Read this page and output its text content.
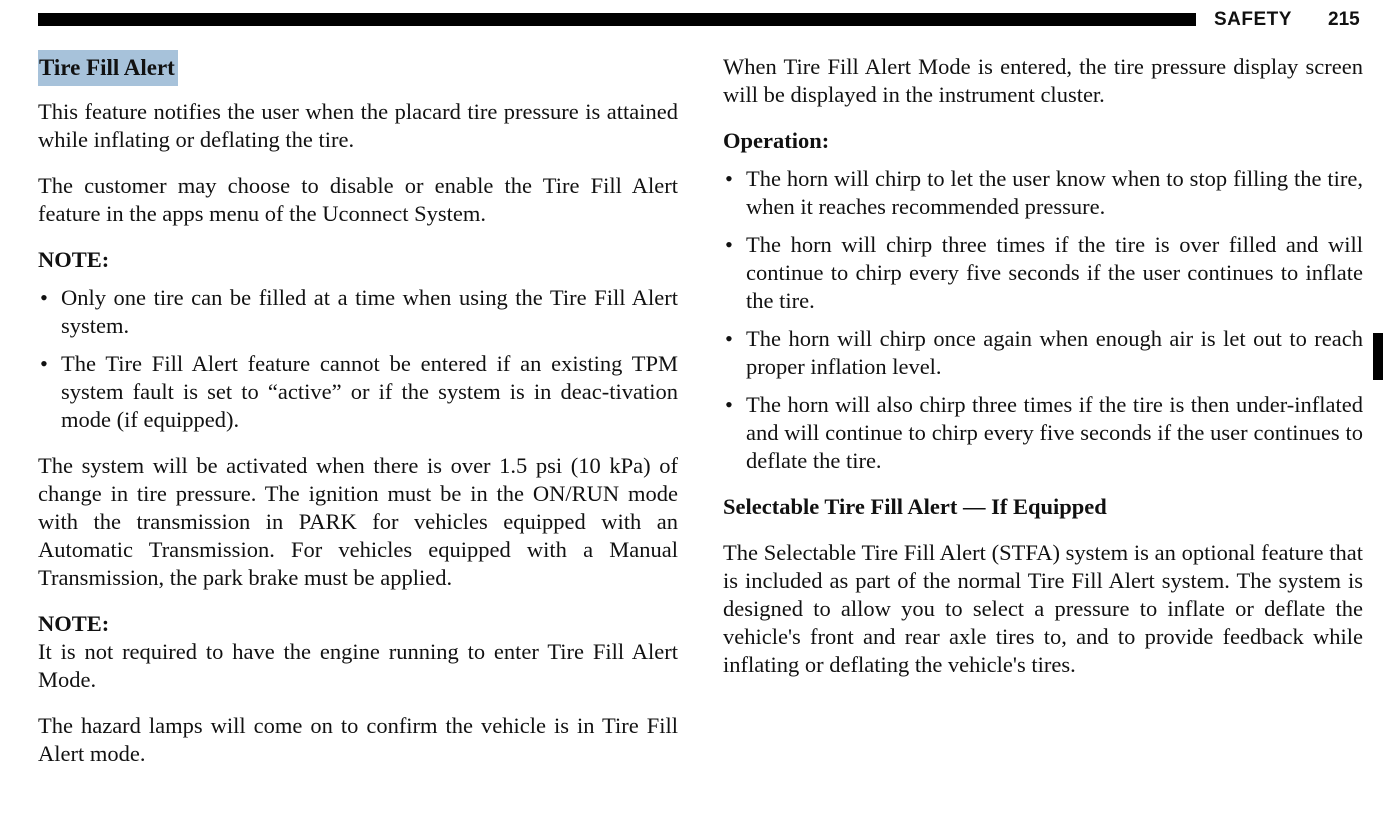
SAFETY 215
Tire Fill Alert

This feature notifies the user when the placard tire pressure is attained while inflating or deflating the tire.

The customer may choose to disable or enable the Tire Fill Alert feature in the apps menu of the Uconnect System.

NOTE:
• Only one tire can be filled at a time when using the Tire Fill Alert system.
• The Tire Fill Alert feature cannot be entered if an existing TPM system fault is set to “active” or if the system is in deac-tivation mode (if equipped).

The system will be activated when there is over 1.5 psi (10 kPa) of change in tire pressure. The ignition must be in the ON/RUN mode with the transmission in PARK for vehicles equipped with an Automatic Transmission. For vehicles equipped with a Manual Transmission, the park brake must be applied.

NOTE:

It is not required to have the engine running to enter Tire Fill Alert Mode.

The hazard lamps will come on to confirm the vehicle is in Tire Fill Alert mode.

When Tire Fill Alert Mode is entered, the tire pressure display screen will be displayed in the instrument cluster.

Operation:
• The horn will chirp to let the user know when to stop filling the tire, when it reaches recommended pressure.
• The horn will chirp three times if the tire is over filled and will continue to chirp every five seconds if the user continues to inflate the tire.
• The horn will chirp once again when enough air is let out to reach proper inflation level.
• The horn will also chirp three times if the tire is then under-inflated and will continue to chirp every five seconds if the user continues to deflate the tire.
Selectable Tire Fill Alert — If Equipped

The Selectable Tire Fill Alert (STFA) system is an optional feature that is included as part of the normal Tire Fill Alert system. The system is designed to allow you to select a pressure to inflate or deflate the vehicle's front and rear axle tires to, and to provide feedback while inflating or deflating the vehicle's tires.
